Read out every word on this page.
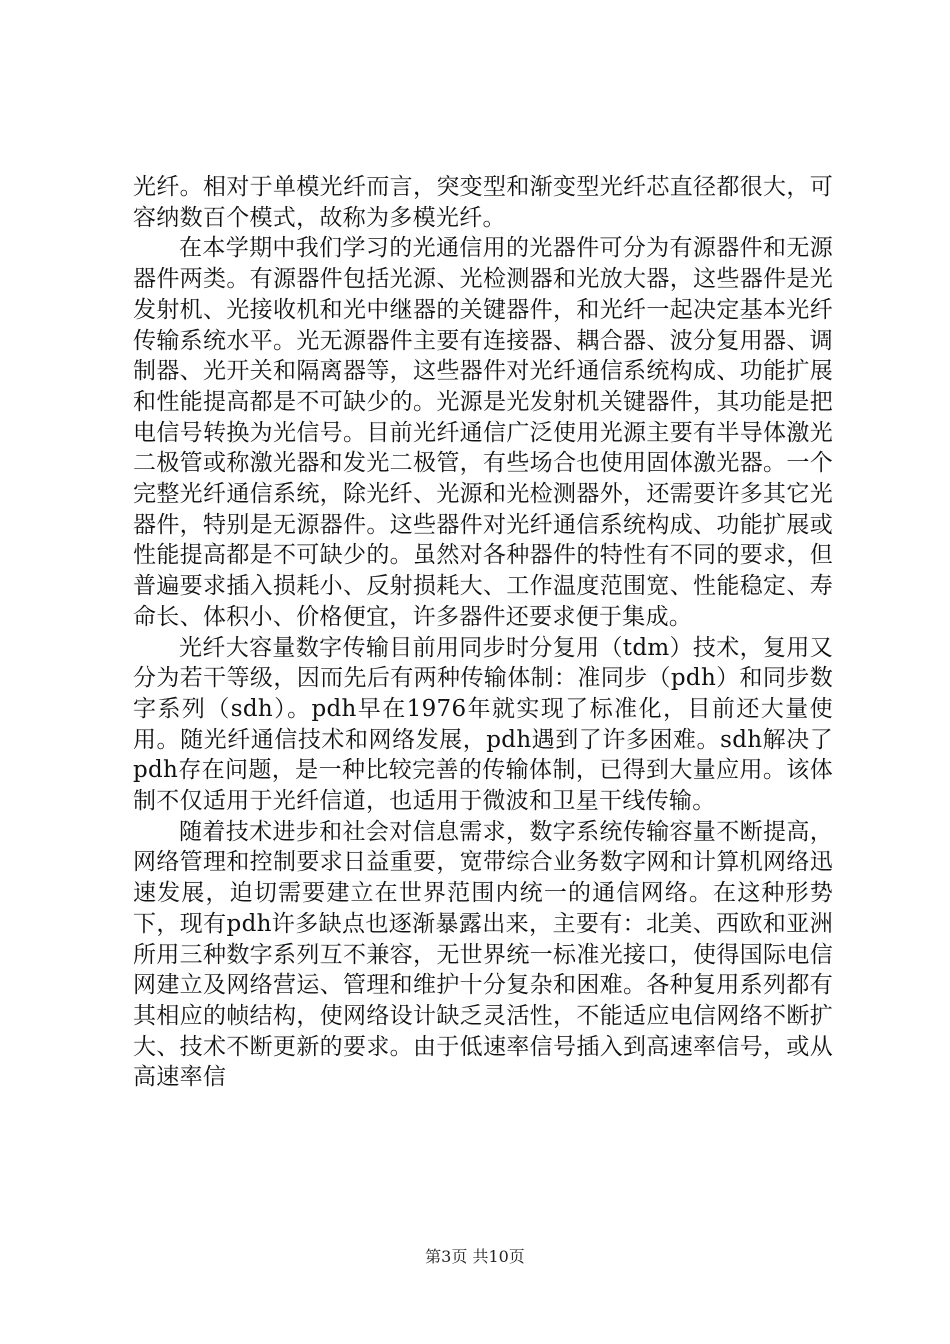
光纤。相对于单模光纤而言，突变型和渐变型光纤芯直径都很大，可容纳数百个模式，故称为多模光纤。

在本学期中我们学习的光通信用的光器件可分为有源器件和无源器件两类。有源器件包括光源、光检测器和光放大器，这些器件是光发射机、光接收机和光中继器的关键器件，和光纤一起决定基本光纤传输系统水平。光无源器件主要有连接器、耦合器、波分复用器、调制器、光开关和隔离器等，这些器件对光纤通信系统构成、功能扩展和性能提高都是不可缺少的。光源是光发射机关键器件，其功能是把电信号转换为光信号。目前光纤通信广泛使用光源主要有半导体激光二极管或称激光器和发光二极管，有些场合也使用固体激光器。一个完整光纤通信系统，除光纤、光源和光检测器外，还需要许多其它光器件，特别是无源器件。这些器件对光纤通信系统构成、功能扩展或性能提高都是不可缺少的。虽然对各种器件的特性有不同的要求，但普遍要求插入损耗小、反射损耗大、工作温度范围宽、性能稳定、寿命长、体积小、价格便宜，许多器件还要求便于集成。

光纤大容量数字传输目前用同步时分复用（tdm）技术，复用又分为若干等级，因而先后有两种传输体制：准同步（pdh）和同步数字系列（sdh）。pdh早在1976年就实现了标准化，目前还大量使用。随光纤通信技术和网络发展，pdh遇到了许多困难。sdh解决了pdh存在问题，是一种比较完善的传输体制，已得到大量应用。该体制不仅适用于光纤信道，也适用于微波和卫星干线传输。

随着技术进步和社会对信息需求，数字系统传输容量不断提高，网络管理和控制要求日益重要，宽带综合业务数字网和计算机网络迅速发展，迫切需要建立在世界范围内统一的通信网络。在这种形势下，现有pdh许多缺点也逐渐暴露出来，主要有：北美、西欧和亚洲所用三种数字系列互不兼容，无世界统一标准光接口，使得国际电信网建立及网络营运、管理和维护十分复杂和困难。各种复用系列都有其相应的帧结构，使网络设计缺乏灵活性，不能适应电信网络不断扩大、技术不断更新的要求。由于低速率信号插入到高速率信号，或从高速率信

第3页 共10页
